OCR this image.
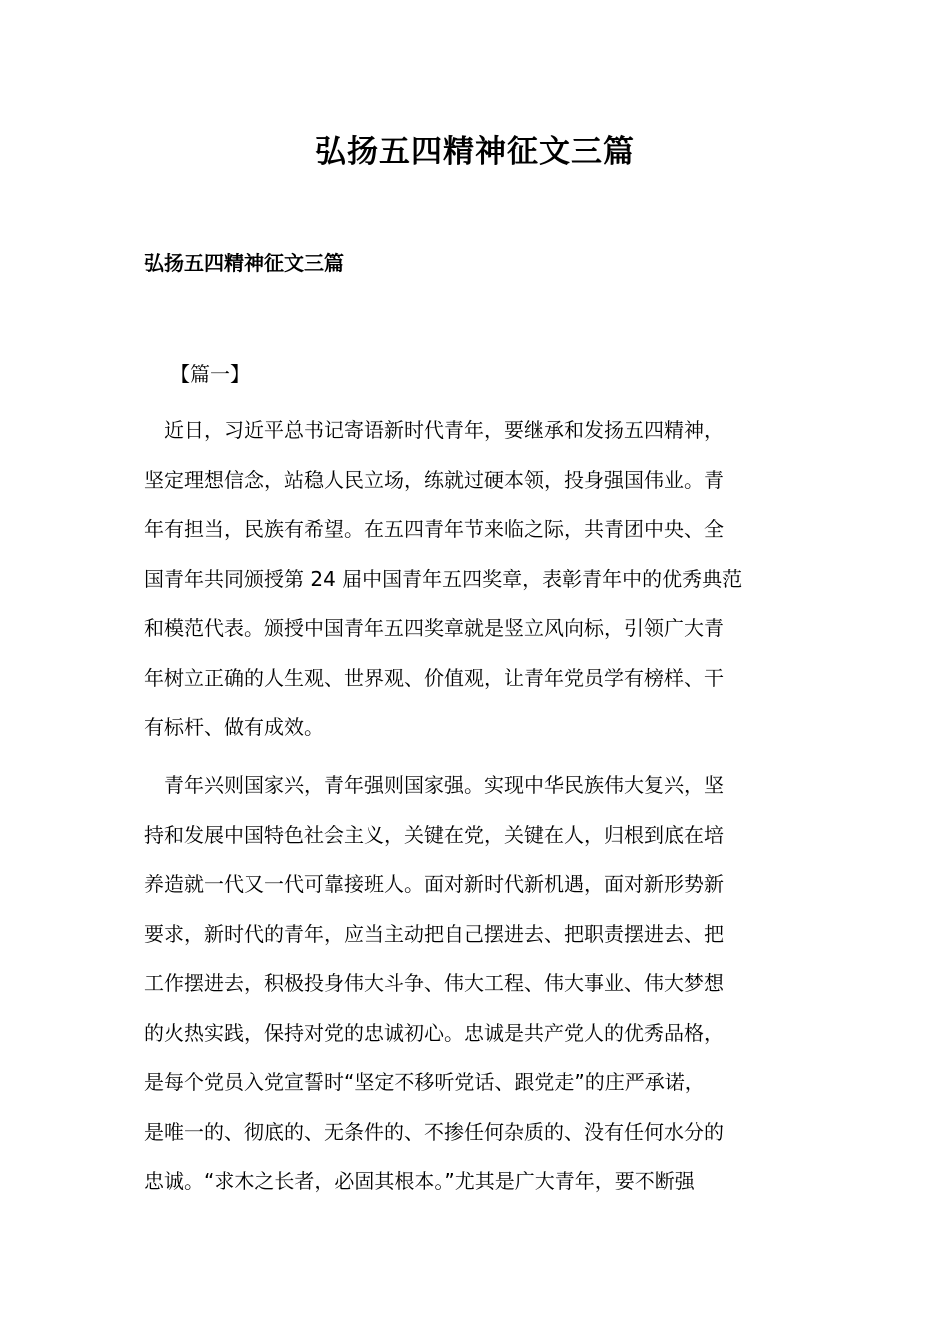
弘扬五四精神征文三篇
弘扬五四精神征文三篇
【篇一】
　近日，习近平总书记寄语新时代青年，要继承和发扬五四精神，
坚定理想信念，站稳人民立场，练就过硬本领，投身强国伟业。青
年有担当，民族有希望。在五四青年节来临之际，共青团中央、全
国青年共同颁授第 24 届中国青年五四奖章，表彰青年中的优秀典范
和模范代表。颁授中国青年五四奖章就是竖立风向标，引领广大青
年树立正确的人生观、世界观、价值观，让青年党员学有榜样、干
有标杆、做有成效。
　青年兴则国家兴，青年强则国家强。实现中华民族伟大复兴，坚
持和发展中国特色社会主义，关键在党，关键在人，归根到底在培
养造就一代又一代可靠接班人。面对新时代新机遇，面对新形势新
要求，新时代的青年，应当主动把自己摆进去、把职责摆进去、把
工作摆进去，积极投身伟大斗争、伟大工程、伟大事业、伟大梦想
的火热实践，保持对党的忠诚初心。忠诚是共产党人的优秀品格，
是每个党员入党宣誓时“坚定不移听党话、跟党走”的庄严承诺，
是唯一的、彻底的、无条件的、不掺任何杂质的、没有任何水分的
忠诚。“求木之长者，必固其根本。”尤其是广大青年，要不断强
